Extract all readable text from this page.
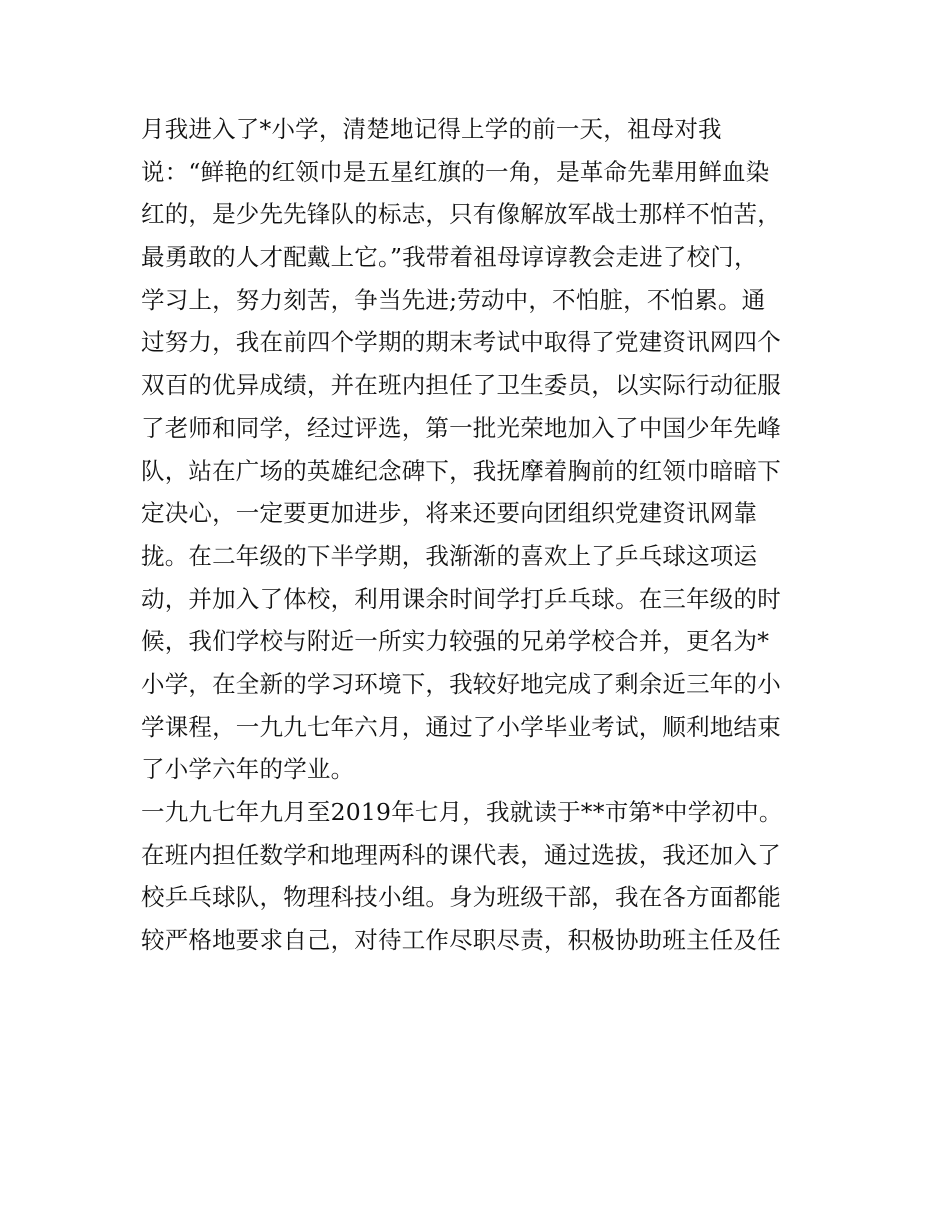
月我进入了*小学，清楚地记得上学的前一天，祖母对我
说：“鲜艳的红领巾是五星红旗的一角，是革命先辈用鲜血染
红的，是少先先锋队的标志，只有像解放军战士那样不怕苦，
最勇敢的人才配戴上它。”我带着祖母谆谆教会走进了校门，
学习上，努力刻苦，争当先进;劳动中，不怕脏，不怕累。通
过努力，我在前四个学期的期末考试中取得了党建资讯网四个
双百的优异成绩，并在班内担任了卫生委员，以实际行动征服
了老师和同学，经过评选，第一批光荣地加入了中国少年先峰
队，站在广场的英雄纪念碑下，我抚摩着胸前的红领巾暗暗下
定决心，一定要更加进步，将来还要向团组织党建资讯网靠
拢。在二年级的下半学期，我渐渐的喜欢上了乒乓球这项运
动，并加入了体校，利用课余时间学打乒乓球。在三年级的时
候，我们学校与附近一所实力较强的兄弟学校合并，更名为*
小学，在全新的学习环境下，我较好地完成了剩余近三年的小
学课程，一九九七年六月，通过了小学毕业考试，顺利地结束
了小学六年的学业。
一九九七年九月至2019年七月，我就读于**市第*中学初中。
在班内担任数学和地理两科的课代表，通过选拔，我还加入了
校乒乓球队，物理科技小组。身为班级干部，我在各方面都能
较严格地要求自己，对待工作尽职尽责，积极协助班主任及任
